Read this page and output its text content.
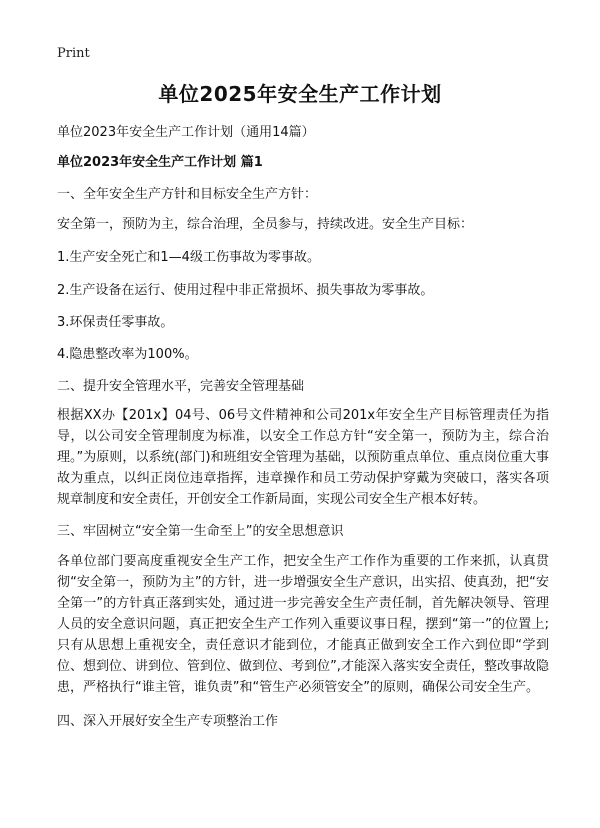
Print
单位2025年安全生产工作计划
单位2023年安全生产工作计划（通用14篇）
单位2023年安全生产工作计划 篇1
一、全年安全生产方针和目标安全生产方针：
安全第一，预防为主，综合治理，全员参与，持续改进。安全生产目标：
1.生产安全死亡和1—4级工伤事故为零事故。
2.生产设备在运行、使用过程中非正常损坏、损失事故为零事故。
3.环保责任零事故。
4.隐患整改率为100%。
二、提升安全管理水平，完善安全管理基础
根据XX办【201x】04号、06号文件精神和公司201x年安全生产目标管理责任为指导，以公司安全管理制度为标准，以安全工作总方针“安全第一，预防为主，综合治理。”为原则，以系统(部门)和班组安全管理为基础，以预防重点单位、重点岗位重大事故为重点，以纠正岗位违章指挥，违章操作和员工劳动保护穿戴为突破口，落实各项规章制度和安全责任，开创安全工作新局面，实现公司安全生产根本好转。
三、牢固树立“安全第一生命至上”的安全思想意识
各单位部门要高度重视安全生产工作，把安全生产工作作为重要的工作来抓，认真贯彻“安全第一，预防为主”的方针，进一步增强安全生产意识，出实招、使真劲，把“安全第一”的方针真正落到实处，通过进一步完善安全生产责任制，首先解决领导、管理人员的安全意识问题，真正把安全生产工作列入重要议事日程，摆到“第一”的位置上;只有从思想上重视安全，责任意识才能到位，才能真正做到安全工作六到位即“学到位、想到位、讲到位、管到位、做到位、考到位”,才能深入落实安全责任，整改事故隐患，严格执行“谁主管，谁负责”和“管生产必须管安全”的原则，确保公司安全生产。
四、深入开展好安全生产专项整治工作
